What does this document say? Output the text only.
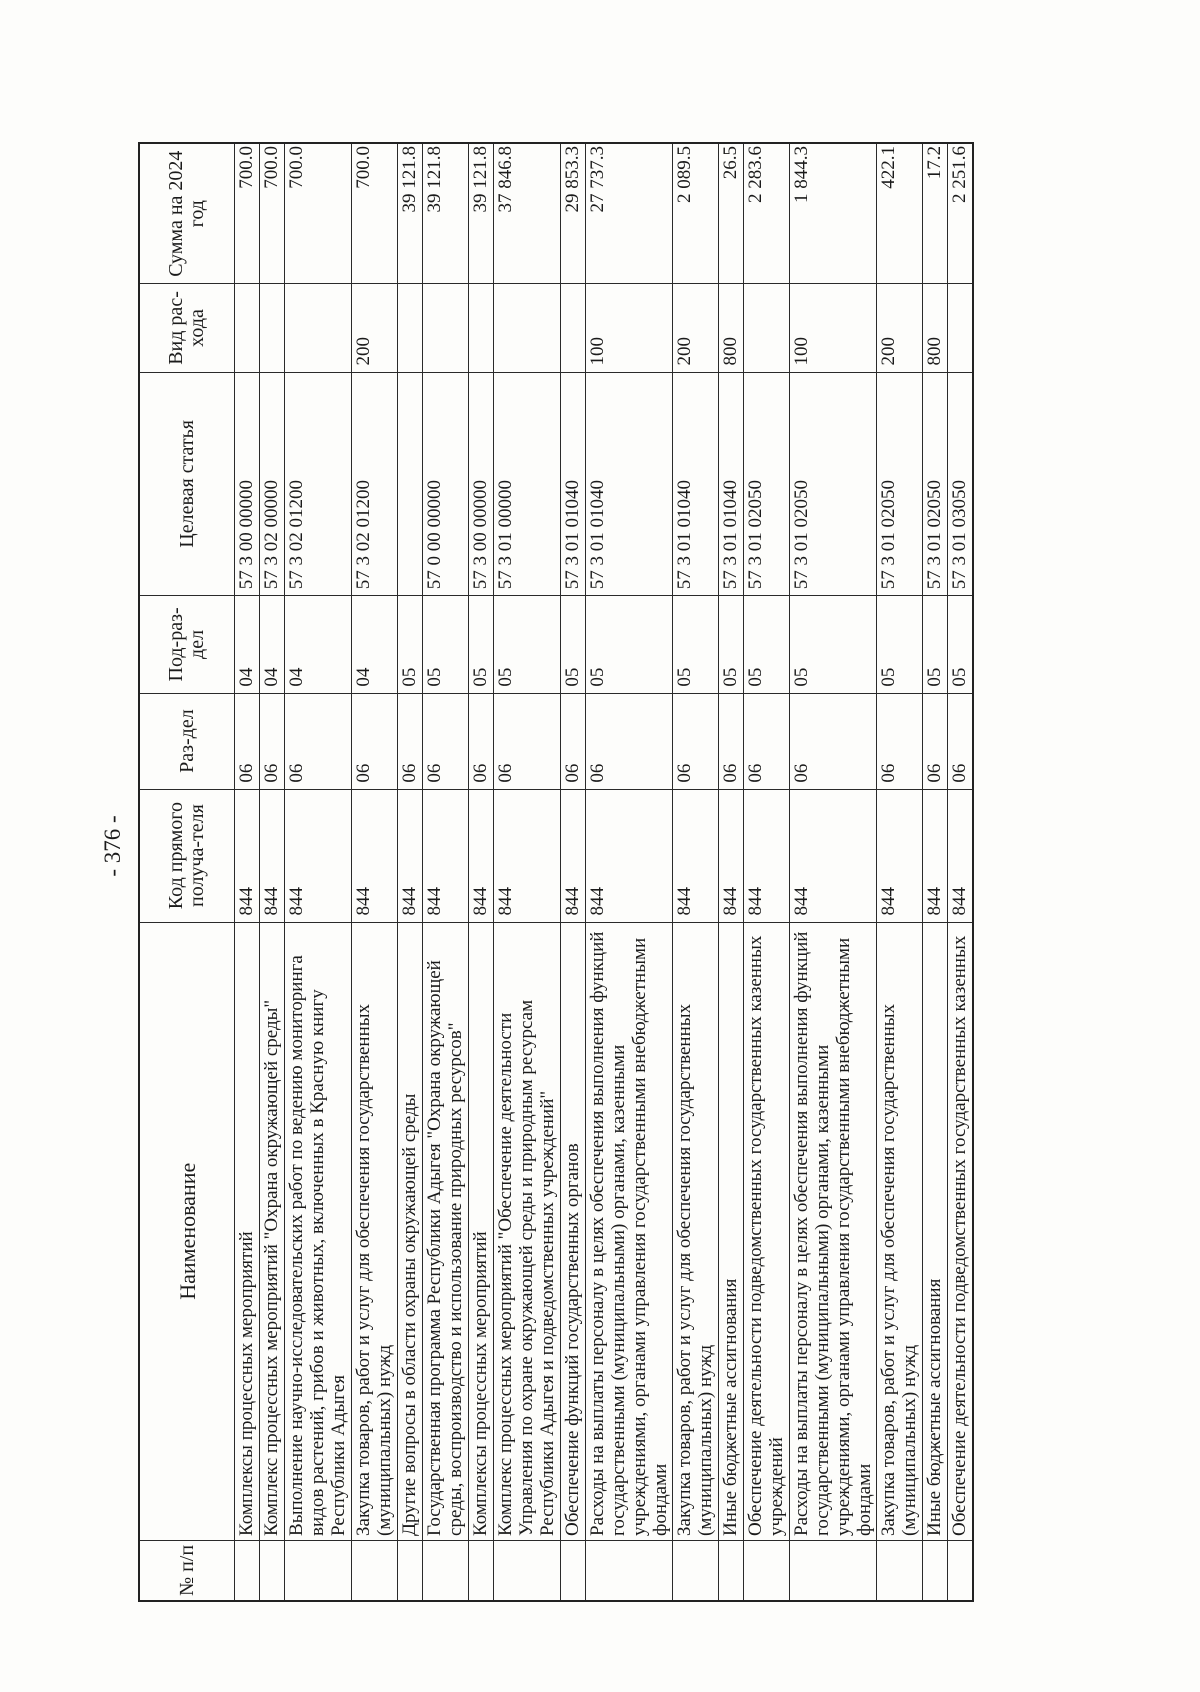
- 376 -
№ п/п	Наименование	Код прямого получа-теля	Раз-дел	Под-раз-дел	Целевая статья	Вид рас-хода	Сумма на 2024 год
	Комплексы процессных мероприятий	844	06	04	57 3 00 00000		700.0
	Комплекс процессных мероприятий "Охрана окружающей среды"	844	06	04	57 3 02 00000		700.0
	Выполнение научно-исследовательских работ по ведению мониторинга видов растений, грибов и животных, включенных в Красную книгу Республики Адыгея	844	06	04	57 3 02 01200		700.0
	Закупка товаров, работ и услуг для обеспечения государственных (муниципальных) нужд	844	06	04	57 3 02 01200	200	700.0
	Другие вопросы в области охраны окружающей среды	844	06	05			39 121.8
	Государственная программа Республики Адыгея "Охрана окружающей среды, воспроизводство и использование природных ресурсов"	844	06	05	57 0 00 00000		39 121.8
	Комплексы процессных мероприятий	844	06	05	57 3 00 00000		39 121.8
	Комплекс процессных мероприятий "Обеспечение деятельности Управления по охране окружающей среды и природным ресурсам Республики Адыгея и подведомственных учреждений"	844	06	05	57 3 01 00000		37 846.8
	Обеспечение функций государственных органов	844	06	05	57 3 01 01040		29 853.3
	Расходы на выплаты персоналу в целях обеспечения выполнения функций государственными (муниципальными) органами, казенными учреждениями, органами управления государственными внебюджетными фондами	844	06	05	57 3 01 01040	100	27 737.3
	Закупка товаров, работ и услуг для обеспечения государственных (муниципальных) нужд	844	06	05	57 3 01 01040	200	2 089.5
	Иные бюджетные ассигнования	844	06	05	57 3 01 01040	800	26.5
	Обеспечение деятельности подведомственных государственных казенных учреждений	844	06	05	57 3 01 02050		2 283.6
	Расходы на выплаты персоналу в целях обеспечения выполнения функций государственными (муниципальными) органами, казенными учреждениями, органами управления государственными внебюджетными фондами	844	06	05	57 3 01 02050	100	1 844.3
	Закупка товаров, работ и услуг для обеспечения государственных (муниципальных) нужд	844	06	05	57 3 01 02050	200	422.1
	Иные бюджетные ассигнования	844	06	05	57 3 01 02050	800	17.2
	Обеспечение деятельности подведомственных государственных казенных	844	06	05	57 3 01 03050		2 251.6
